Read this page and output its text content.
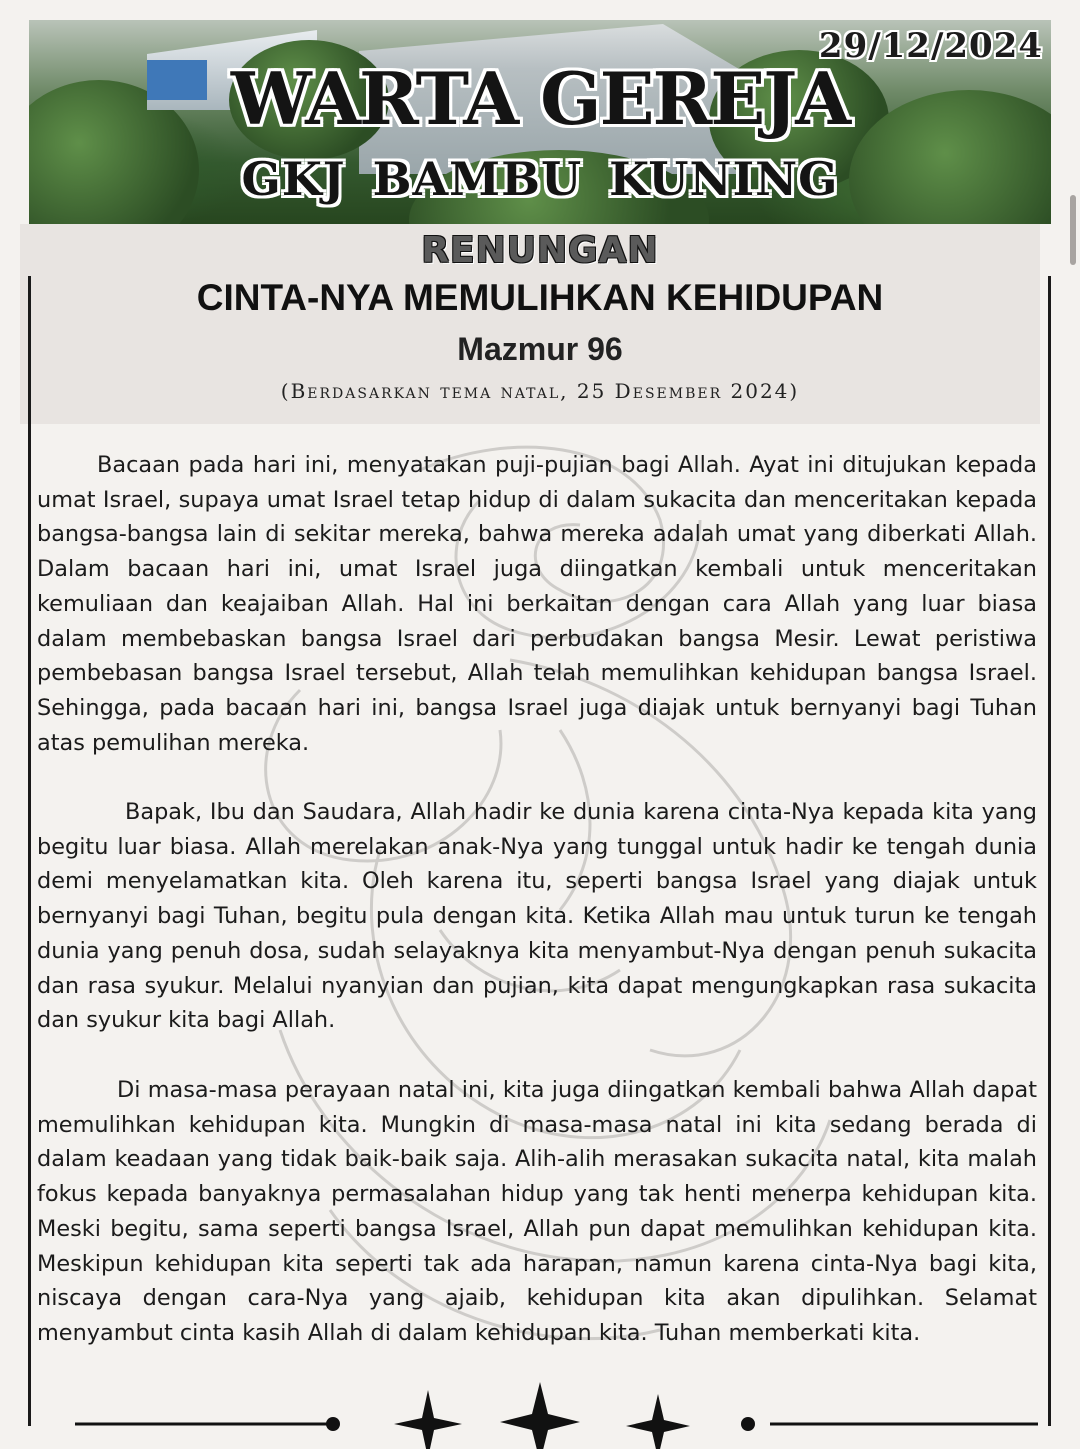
29/12/2024
WARTA GEREJA
GKJ BAMBU KUNING
RENUNGAN
CINTA-NYA MEMULIHKAN KEHIDUPAN
Mazmur 96
(Berdasarkan tema natal, 25 Desember 2024)
Bacaan pada hari ini, menyatakan puji-pujian bagi Allah. Ayat ini ditujukan kepada umat Israel, supaya umat Israel tetap hidup di dalam sukacita dan menceritakan kepada bangsa-bangsa lain di sekitar mereka, bahwa mereka adalah umat yang diberkati Allah. Dalam bacaan hari ini, umat Israel juga diingatkan kembali untuk menceritakan kemuliaan dan keajaiban Allah. Hal ini berkaitan dengan cara Allah yang luar biasa dalam membebaskan bangsa Israel dari perbudakan bangsa Mesir. Lewat peristiwa pembebasan bangsa Israel tersebut, Allah telah memulihkan kehidupan bangsa Israel. Sehingga, pada bacaan hari ini, bangsa Israel juga diajak untuk bernyanyi bagi Tuhan atas pemulihan mereka.
Bapak, Ibu dan Saudara, Allah hadir ke dunia karena cinta-Nya kepada kita yang begitu luar biasa. Allah merelakan anak-Nya yang tunggal untuk hadir ke tengah dunia demi menyelamatkan kita. Oleh karena itu, seperti bangsa Israel yang diajak untuk bernyanyi bagi Tuhan, begitu pula dengan kita. Ketika Allah mau untuk turun ke tengah dunia yang penuh dosa, sudah selayaknya kita menyambut-Nya dengan penuh sukacita dan rasa syukur. Melalui nyanyian dan pujian, kita dapat mengungkapkan rasa sukacita dan syukur kita bagi Allah.
Di masa-masa perayaan natal ini, kita juga diingatkan kembali bahwa Allah dapat memulihkan kehidupan kita. Mungkin di masa-masa natal ini kita sedang berada di dalam keadaan yang tidak baik-baik saja. Alih-alih merasakan sukacita natal, kita malah fokus kepada banyaknya permasalahan hidup yang tak henti menerpa kehidupan kita. Meski begitu, sama seperti bangsa Israel, Allah pun dapat memulihkan kehidupan kita. Meskipun kehidupan kita seperti tak ada harapan, namun karena cinta-Nya bagi kita, niscaya dengan cara-Nya yang ajaib, kehidupan kita akan dipulihkan. Selamat menyambut cinta kasih Allah di dalam kehidupan kita. Tuhan memberkati kita.
